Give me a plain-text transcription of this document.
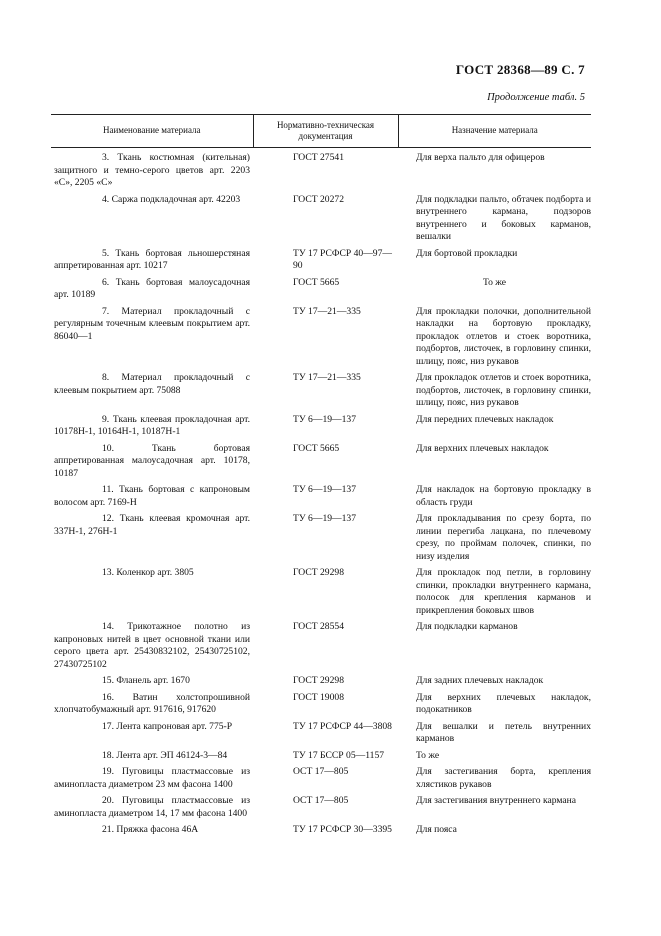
ГОСТ 28368—89 С. 7
Продолжение табл. 5
Наименование материала	Нормативно-техническая документация	Назначение материала

3. Ткань костюмная (кительная) защитного и темно-серого цветов арт. 2203 «С», 2205 «С»	ГОСТ 27541	Для верха пальто для офицеров

4. Саржа подкладочная арт. 42203	ГОСТ 20272	Для подкладки пальто, обтачек подборта и внутреннего кармана, подзоров внутреннего и боковых карманов, вешалки

5. Ткань бортовая льношерстяная аппретированная арт. 10217	ТУ 17 РСФСР 40—97—90	Для бортовой прокладки

6. Ткань бортовая малоусадочная арт. 10189	ГОСТ 5665	То же

7. Материал прокладочный с регулярным точечным клеевым покрытием арт. 86040—1	ТУ 17—21—335	Для прокладки полочки, дополнительной накладки на бортовую прокладку, прокладок отлетов и стоек воротника, подбортов, листочек, в горловину спинки, шлицу, пояс, низ рукавов

8. Материал прокладочный с клеевым покрытием арт. 75088	ТУ 17—21—335	Для прокладок отлетов и стоек воротника, подбортов, листочек, в горловину спинки, шлицу, пояс, низ рукавов

9. Ткань клеевая прокладочная арт. 10178Н-1, 10164Н-1, 10187Н-1	ТУ 6—19—137	Для передних плечевых накладок

10. Ткань бортовая аппретированная малоусадочная арт. 10178, 10187	ГОСТ 5665	Для верхних плечевых накладок

11. Ткань бортовая с капроновым волосом арт. 7169-Н	ТУ 6—19—137	Для накладок на бортовую прокладку в область груди

12. Ткань клеевая кромочная арт. 337Н-1, 276Н-1	ТУ 6—19—137	Для прокладывания по срезу борта, по линии перегиба лацкана, по плечевому срезу, по проймам полочек, спинки, по низу изделия

13. Коленкор арт. 3805	ГОСТ 29298	Для прокладок под петли, в горловину спинки, прокладки внутреннего кармана, полосок для крепления карманов и прикрепления боковых швов

14. Трикотажное полотно из капроновых нитей в цвет основной ткани или серого цвета арт. 25430832102, 25430725102, 27430725102	ГОСТ 28554	Для подкладки карманов

15. Фланель арт. 1670	ГОСТ 29298	Для задних плечевых накладок

16. Ватин холстопрошивной хлопчатобумажный арт. 917616, 917620	ГОСТ 19008	Для верхних плечевых накладок, подокатников

17. Лента капроновая арт. 775-Р	ТУ 17 РСФСР 44—3808	Для вешалки и петель внутренних карманов

18. Лента арт. ЭП 46124-3—84	ТУ 17 БССР 05—1157	То же

19. Пуговицы пластмассовые из аминопласта диаметром 23 мм фасона 1400	ОСТ 17—805	Для застегивания борта, крепления хлястиков рукавов

20. Пуговицы пластмассовые из аминопласта диаметром 14, 17 мм фасона 1400	ОСТ 17—805	Для застегивания внутреннего кармана

21. Пряжка фасона 46А	ТУ 17 РСФСР 30—3395	Для пояса
